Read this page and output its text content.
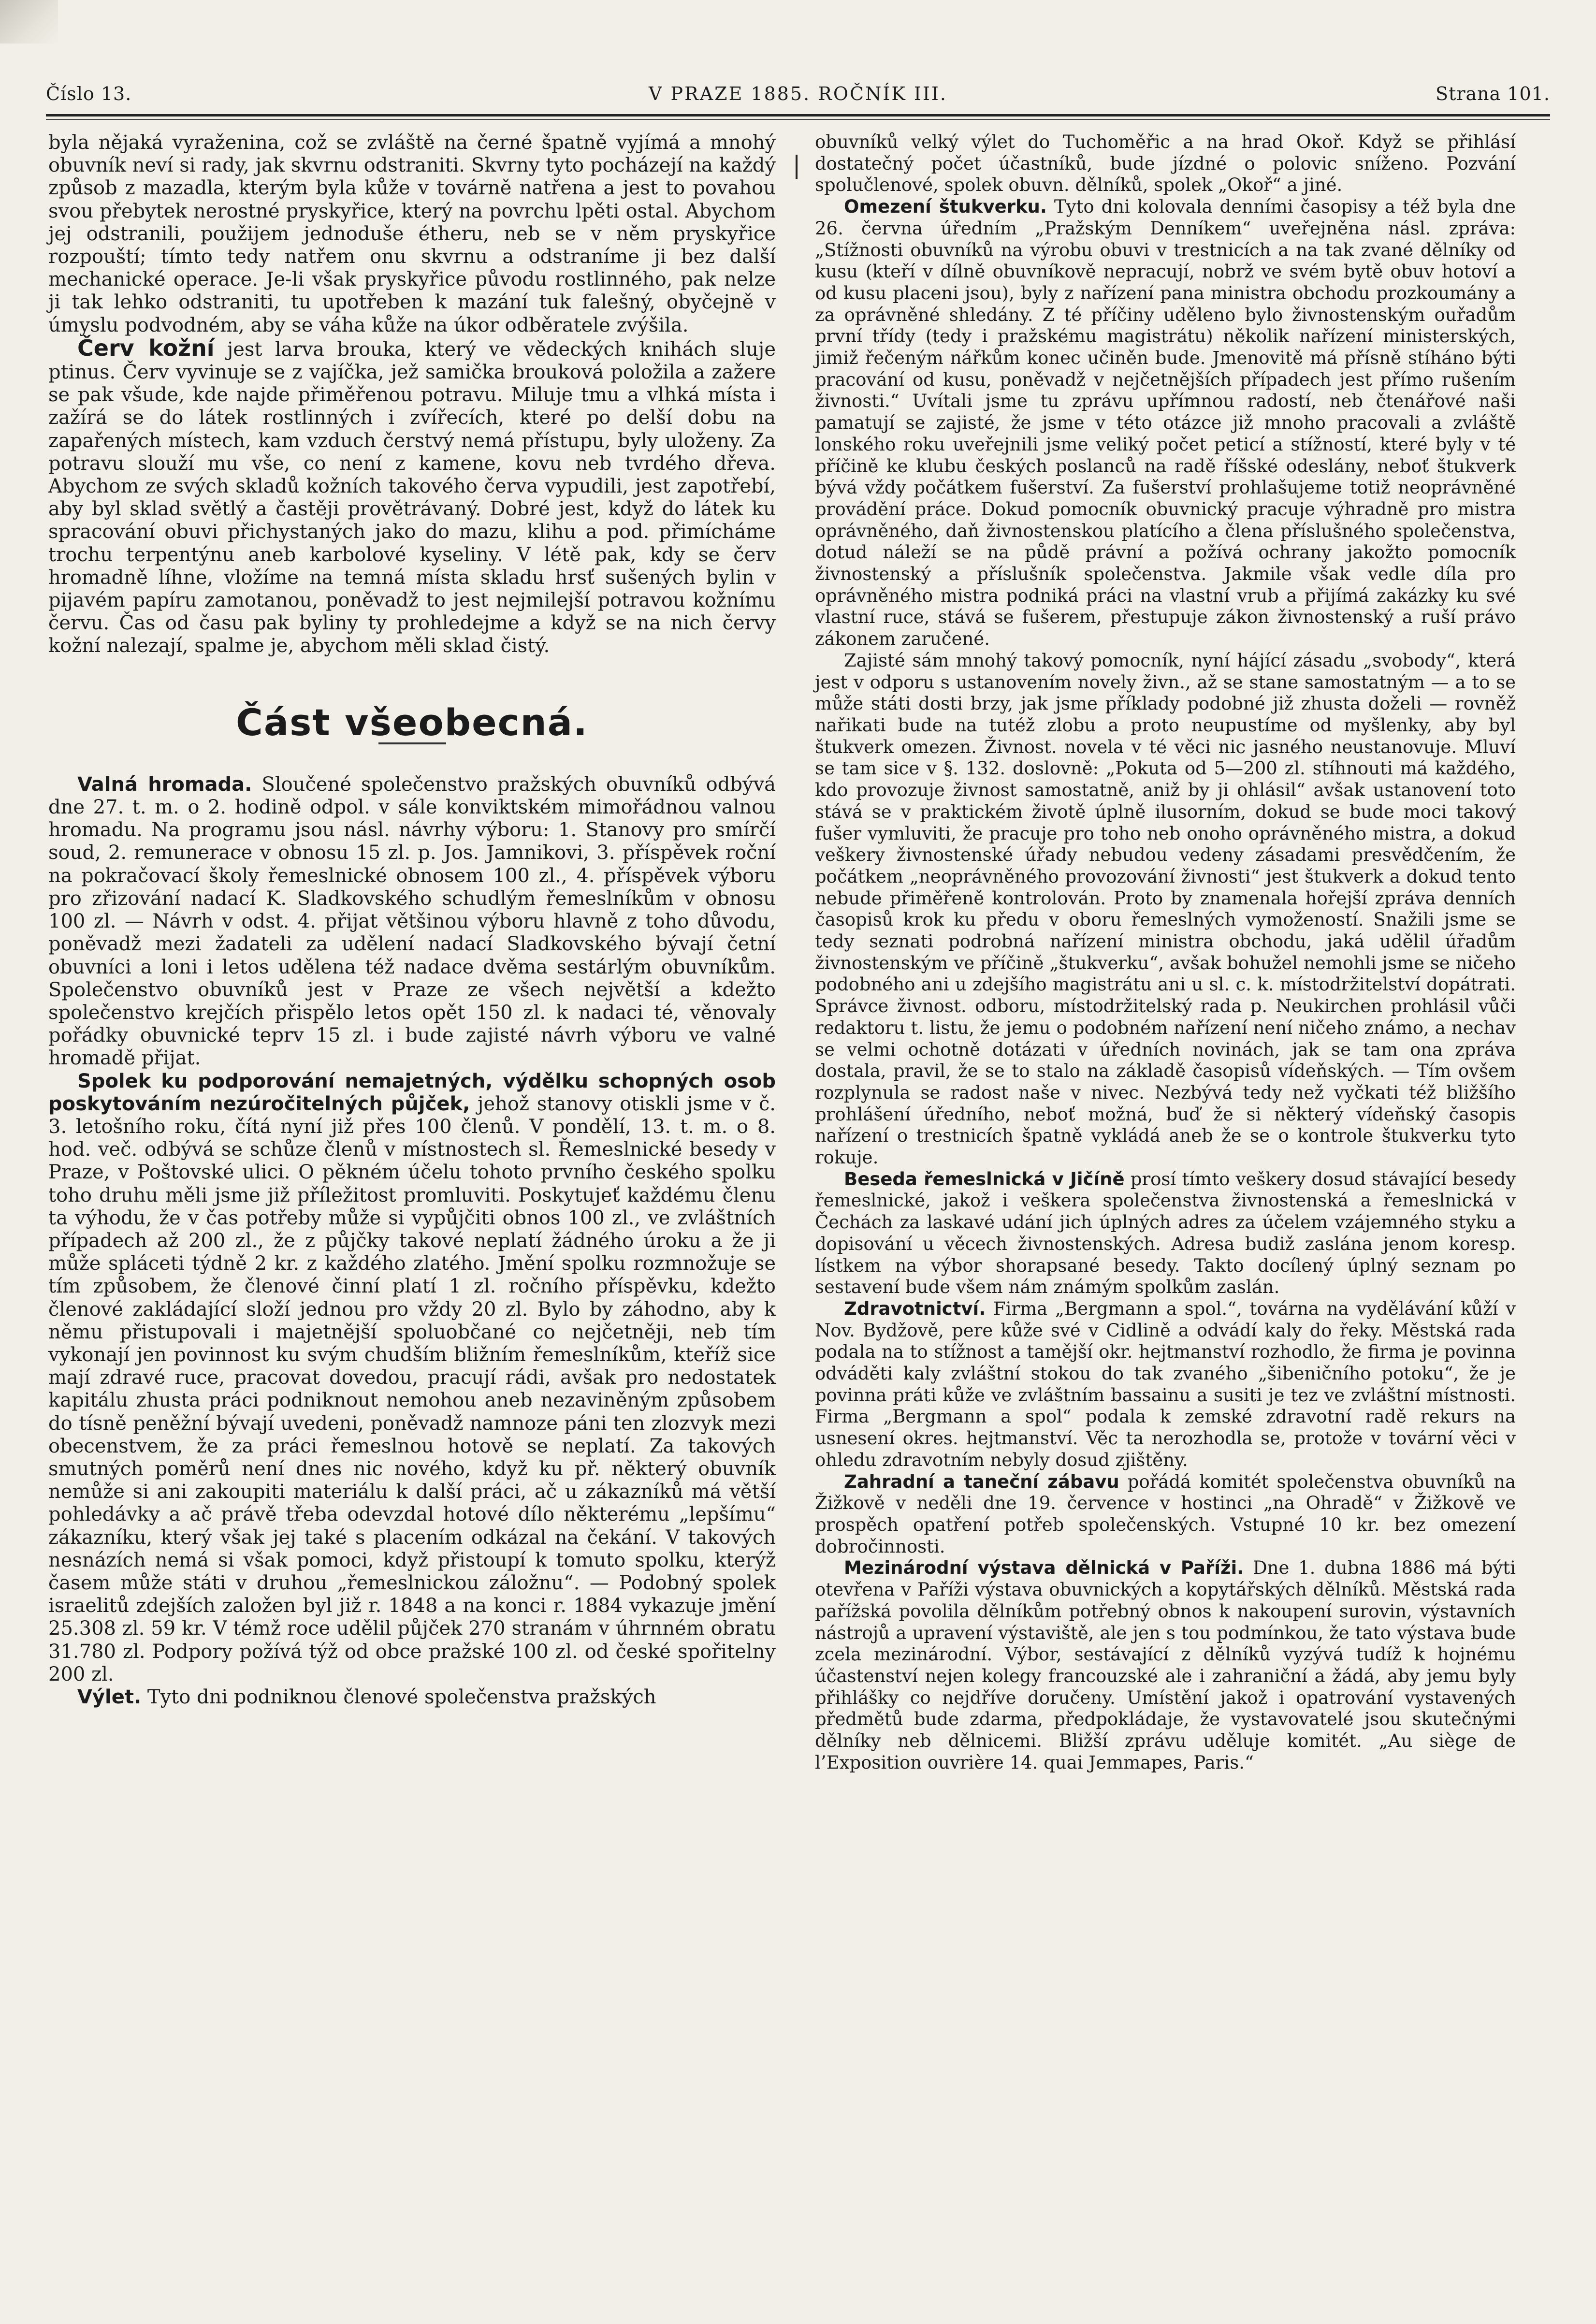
Číslo 13.	V PRAZE 1885. ROČNÍK III.	Strana 101.

byla nějaká vyraženina, což se zvláště na černé špatně vyjímá a mnohý obuvník neví si rady, jak skvrnu odstraniti. Skvrny tyto pocházejí na každý způsob z mazadla, kterým byla kůže v továrně natřena a jest to povahou svou přebytek nerostné pryskyřice, který na povrchu lpěti ostal. Abychom jej odstranili, použijem jednoduše étheru, neb se v něm pryskyřice rozpouští; tímto tedy natřem onu skvrnu a odstraníme ji bez další mechanické operace. Je-li však pryskyřice původu rostlinného, pak nelze ji tak lehko odstraniti, tu upotřeben k mazání tuk falešný, obyčejně v úmyslu podvodném, aby se váha kůže na úkor odběratele zvýšila.

Červ kožní jest larva brouka, který ve vědeckých knihách sluje ptinus. Červ vyvinuje se z vajíčka, jež samička brouková položila a zažere se pak všude, kde najde přiměřenou potravu. Miluje tmu a vlhká místa i zažírá se do látek rostlinných i zvířecích, které po delší dobu na zapařených místech, kam vzduch čerstvý nemá přístupu, byly uloženy. Za potravu slouží mu vše, co není z kamene, kovu neb tvrdého dřeva. Abychom ze svých skladů kožních takového červa vypudili, jest zapotřebí, aby byl sklad světlý a častěji provětrávaný. Dobré jest, když do látek ku spracování obuvi přichystaných jako do mazu, klihu a pod. přimícháme trochu terpentýnu aneb karbolové kyseliny. V létě pak, kdy se červ hromadně líhne, vložíme na temná místa skladu hrsť sušených bylin v pijavém papíru zamotanou, poněvadž to jest nejmilejší potravou kožnímu červu. Čas od času pak byliny ty prohledejme a když se na nich červy kožní nalezají, spalme je, abychom měli sklad čistý.

Část všeobecná.

Valná hromada. Sloučené společenstvo pražských obuvníků odbývá dne 27. t. m. o 2. hodině odpol. v sále konviktském mimořádnou valnou hromadu. Na programu jsou násl. návrhy výboru: 1. Stanovy pro smírčí soud, 2. remunerace v obnosu 15 zl. p. Jos. Jamnikovi, 3. příspěvek roční na pokračovací školy řemeslnické obnosem 100 zl., 4. příspěvek výboru pro zřizování nadací K. Sladkovského schudlým řemeslníkům v obnosu 100 zl. — Návrh v odst. 4. přijat většinou výboru hlavně z toho důvodu, poněvadž mezi žadateli za udělení nadací Sladkovského bývají četní obuvníci a loni i letos udělena též nadace dvěma sestárlým obuvníkům. Společenstvo obuvníků jest v Praze ze všech největší a kdežto společenstvo krejčích přispělo letos opět 150 zl. k nadaci té, věnovaly pořádky obuvnické teprv 15 zl. i bude zajisté návrh výboru ve valné hromadě přijat.

Spolek ku podporování nemajetných, výdělku schopných osob poskytováním nezúročitelných půjček, jehož stanovy otiskli jsme v č. 3. letošního roku, čítá nyní již přes 100 členů. V pondělí, 13. t. m. o 8. hod. več. odbývá se schůze členů v místnostech sl. Řemeslnické besedy v Praze, v Poštovské ulici. O pěkném účelu tohoto prvního českého spolku toho druhu měli jsme již příležitost promluviti. Poskytujeť každému členu ta výhodu, že v čas potřeby může si vypůjčiti obnos 100 zl., ve zvláštních případech až 200 zl., že z půjčky takové neplatí žádného úroku a že ji může spláceti týdně 2 kr. z každého zlatého. Jmění spolku rozmnožuje se tím způsobem, že členové činní platí 1 zl. ročního příspěvku, kdežto členové zakládající složí jednou pro vždy 20 zl. Bylo by záhodno, aby k němu přistupovali i majetnější spoluobčané co nejčetněji, neb tím vykonají jen povinnost ku svým chudším bližním řemeslníkům, kteříž sice mají zdravé ruce, pracovat dovedou, pracují rádi, avšak pro nedostatek kapitálu zhusta práci podniknout nemohou aneb nezaviněným způsobem do tísně peněžní bývají uvedeni, poněvadž namnoze páni ten zlozvyk mezi obecenstvem, že za práci řemeslnou hotově se neplatí. Za takových smutných poměrů není dnes nic nového, když ku př. některý obuvník nemůže si ani zakoupiti materiálu k další práci, ač u zákazníků má větší pohledávky a ač právě třeba odevzdal hotové dílo některému „lepšímu“ zákazníku, který však jej také s placením odkázal na čekání. V takových nesnázích nemá si však pomoci, když přistoupí k tomuto spolku, kterýž časem může státi v druhou „řemeslnickou záložnu“. — Podobný spolek israelitů zdejších založen byl již r. 1848 a na konci r. 1884 vykazuje jmění 25.308 zl. 59 kr. V témž roce udělil půjček 270 stranám v úhrnném obratu 31.780 zl. Podpory požívá týž od obce pražské 100 zl. od české spořitelny 200 zl.

Výlet. Tyto dni podniknou členové společenstva pražských

obuvníků velký výlet do Tuchoměřic a na hrad Okoř. Když se přihlásí dostatečný počet účastníků, bude jízdné o polovic sníženo. Pozvání spolučlenové, spolek obuvn. dělníků, spolek „Okoř“ a jiné.

Omezení štukverku. Tyto dni kolovala denními časopisy a též byla dne 26. června úředním „Pražským Denníkem“ uveřejněna násl. zpráva: „Stížnosti obuvníků na výrobu obuvi v trestnicích a na tak zvané dělníky od kusu (kteří v dílně obuvníkově nepracují, nobrž ve svém bytě obuv hotoví a od kusu placeni jsou), byly z nařízení pana ministra obchodu prozkoumány a za oprávněné shledány. Z té příčiny uděleno bylo živnostenským ouřadům první třídy (tedy i pražskému magistrátu) několik nařízení ministerských, jimiž řečeným nářkům konec učiněn bude. Jmenovitě má přísně stíháno býti pracování od kusu, poněvadž v nejčetnějších případech jest přímo rušením živnosti.“ Uvítali jsme tu zprávu upřímnou radostí, neb čtenářové naši pamatují se zajisté, že jsme v této otázce již mnoho pracovali a zvláště lonského roku uveřejnili jsme veliký počet peticí a stížností, které byly v té příčině ke klubu českých poslanců na radě říšské odeslány, neboť štukverk bývá vždy počátkem fušerství. Za fušerství prohlašujeme totiž neoprávněné provádění práce. Dokud pomocník obuvnický pracuje výhradně pro mistra oprávněného, daň živnostenskou platícího a člena příslušného společenstva, dotud náleží se na půdě právní a požívá ochrany jakožto pomocník živnostenský a příslušník společenstva. Jakmile však vedle díla pro oprávněného mistra podniká práci na vlastní vrub a přijímá zakázky ku své vlastní ruce, stává se fušerem, přestupuje zákon živnostenský a ruší právo zákonem zaručené.

Zajisté sám mnohý takový pomocník, nyní hájící zásadu „svobody“, která jest v odporu s ustanovením novely živn., až se stane samostatným — a to se může státi dosti brzy, jak jsme příklady podobné již zhusta doželi — rovněž nařikati bude na tutéž zlobu a proto neupustíme od myšlenky, aby byl štukverk omezen. Živnost. novela v té věci nic jasného neustanovuje. Mluví se tam sice v §. 132. doslovně: „Pokuta od 5—200 zl. stíhnouti má každého, kdo provozuje živnost samostatně, aniž by ji ohlásil“ avšak ustanovení toto stává se v praktickém životě úplně ilusorním, dokud se bude moci takový fušer vymluviti, že pracuje pro toho neb onoho oprávněného mistra, a dokud veškery živnostenské úřady nebudou vedeny zásadami presvědčením, že počátkem „neoprávněného provozování živnosti“ jest štukverk a dokud tento nebude přiměřeně kontrolován. Proto by znamenala hořejší zpráva denních časopisů krok ku předu v oboru řemeslných vymožeností. Snažili jsme se tedy seznati podrobná nařízení ministra obchodu, jaká udělil úřadům živnostenským ve příčině „štukverku“, avšak bohužel nemohli jsme se ničeho podobného ani u zdejšího magistrátu ani u sl. c. k. místodržitelství dopátrati. Správce živnost. odboru, místodržitelský rada p. Neukirchen prohlásil vůči redaktoru t. listu, že jemu o podobném nařízení není ničeho známo, a nechav se velmi ochotně dotázati v úředních novinách, jak se tam ona zpráva dostala, pravil, že se to stalo na základě časopisů vídeňských. — Tím ovšem rozplynula se radost naše v nivec. Nezbývá tedy než vyčkati též bližšího prohlášení úředního, neboť možná, buď že si některý vídeňský časopis nařízení o trestnicích špatně vykládá aneb že se o kontrole štukverku tyto rokuje.

Beseda řemeslnická v Jičíně prosí tímto veškery dosud stávající besedy řemeslnické, jakož i veškera společenstva živnostenská a řemeslnická v Čechách za laskavé udání jich úplných adres za účelem vzájemného styku a dopisování u věcech živnostenských. Adresa budiž zaslána jenom koresp. lístkem na výbor shorapsané besedy. Takto docílený úplný seznam po sestavení bude všem nám známým spolkům zaslán.

Zdravotnictví. Firma „Bergmann a spol.“, továrna na vydělávání kůží v Nov. Bydžově, pere kůže své v Cidlině a odvádí kaly do řeky. Městská rada podala na to stížnost a tamější okr. hejtmanství rozhodlo, že firma je povinna odváděti kaly zvláštní stokou do tak zvaného „šibeničního potoku“, že je povinna práti kůže ve zvláštním bassainu a susiti je tez ve zvláštní místnosti. Firma „Bergmann a spol“ podala k zemské zdravotní radě rekurs na usnesení okres. hejtmanství. Věc ta nerozhodla se, protože v tovární věci v ohledu zdravotním nebyly dosud zjištěny.

Zahradní a taneční zábavu pořádá komitét společenstva obuvníků na Žižkově v neděli dne 19. července v hostinci „na Ohradě“ v Žižkově ve prospěch opatření potřeb společenských. Vstupné 10 kr. bez omezení dobročinnosti.

Mezinárodní výstava dělnická v Paříži. Dne 1. dubna 1886 má býti otevřena v Paříži výstava obuvnických a kopytářských dělníků. Městská rada pařížská povolila dělníkům potřebný obnos k nakoupení surovin, výstavních nástrojů a upravení výstaviště, ale jen s tou podmínkou, že tato výstava bude zcela mezinárodní. Výbor, sestávající z dělníků vyzývá tudíž k hojnému účastenství nejen kolegy francouzské ale i zahraniční a žádá, aby jemu byly přihlášky co nejdříve doručeny. Umístění jakož i opatrování vystavených předmětů bude zdarma, předpokládaje, že vystavovatelé jsou skutečnými dělníky neb dělnicemi. Bližší zprávu uděluje komitét. „Au siège de l’Exposition ouvrière 14. quai Jemmapes, Paris.“
